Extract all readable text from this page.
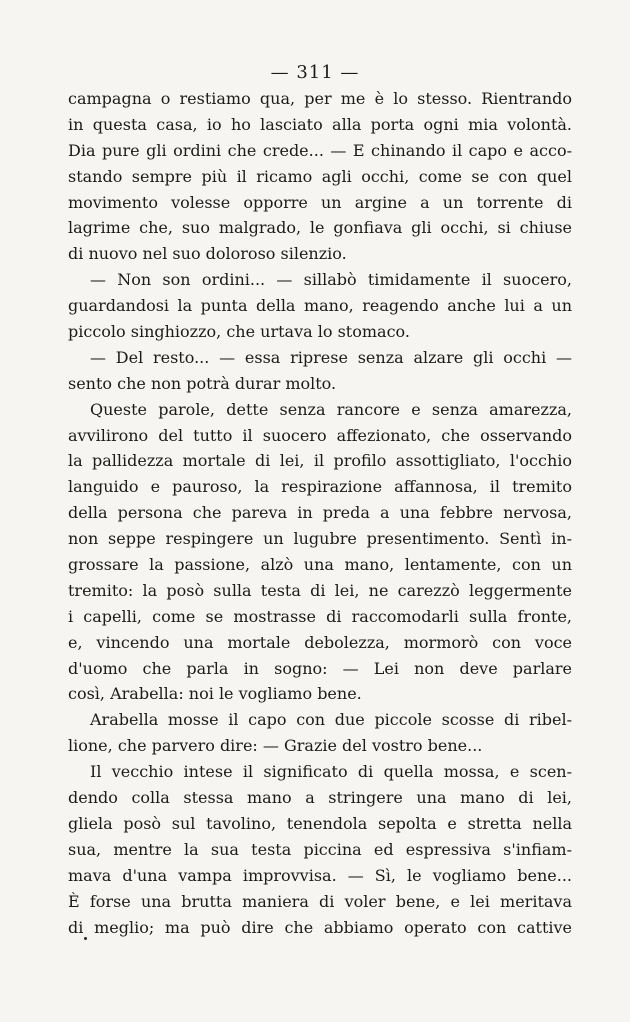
— 311 —
campagna o restiamo qua, per me è lo stesso. Rientrando
in questa casa, io ho lasciato alla porta ogni mia volontà.
Dia pure gli ordini che crede... — E chinando il capo e acco-
stando sempre più il ricamo agli occhi, come se con quel
movimento volesse opporre un argine a un torrente di
lagrime che, suo malgrado, le gonfiava gli occhi, si chiuse
di nuovo nel suo doloroso silenzio.
— Non son ordini... — sillabò timidamente il suocero,
guardandosi la punta della mano, reagendo anche lui a un
piccolo singhiozzo, che urtava lo stomaco.
— Del resto... — essa riprese senza alzare gli occhi —
sento che non potrà durar molto.
Queste parole, dette senza rancore e senza amarezza,
avvilirono del tutto il suocero affezionato, che osservando
la pallidezza mortale di lei, il profilo assottigliato, l'occhio
languido e pauroso, la respirazione affannosa, il tremito
della persona che pareva in preda a una febbre nervosa,
non seppe respingere un lugubre presentimento. Sentì in-
grossare la passione, alzò una mano, lentamente, con un
tremito: la posò sulla testa di lei, ne carezzò leggermente
i capelli, come se mostrasse di raccomodarli sulla fronte,
e, vincendo una mortale debolezza, mormorò con voce
d'uomo che parla in sogno: — Lei non deve parlare
così, Arabella: noi le vogliamo bene.
Arabella mosse il capo con due piccole scosse di ribel-
lione, che parvero dire: — Grazie del vostro bene...
Il vecchio intese il significato di quella mossa, e scen-
dendo colla stessa mano a stringere una mano di lei,
gliela posò sul tavolino, tenendola sepolta e stretta nella
sua, mentre la sua testa piccina ed espressiva s'infiam-
mava d'una vampa improvvisa. — Sì, le vogliamo bene...
È forse una brutta maniera di voler bene, e lei meritava
di meglio; ma può dire che abbiamo operato con cattive
